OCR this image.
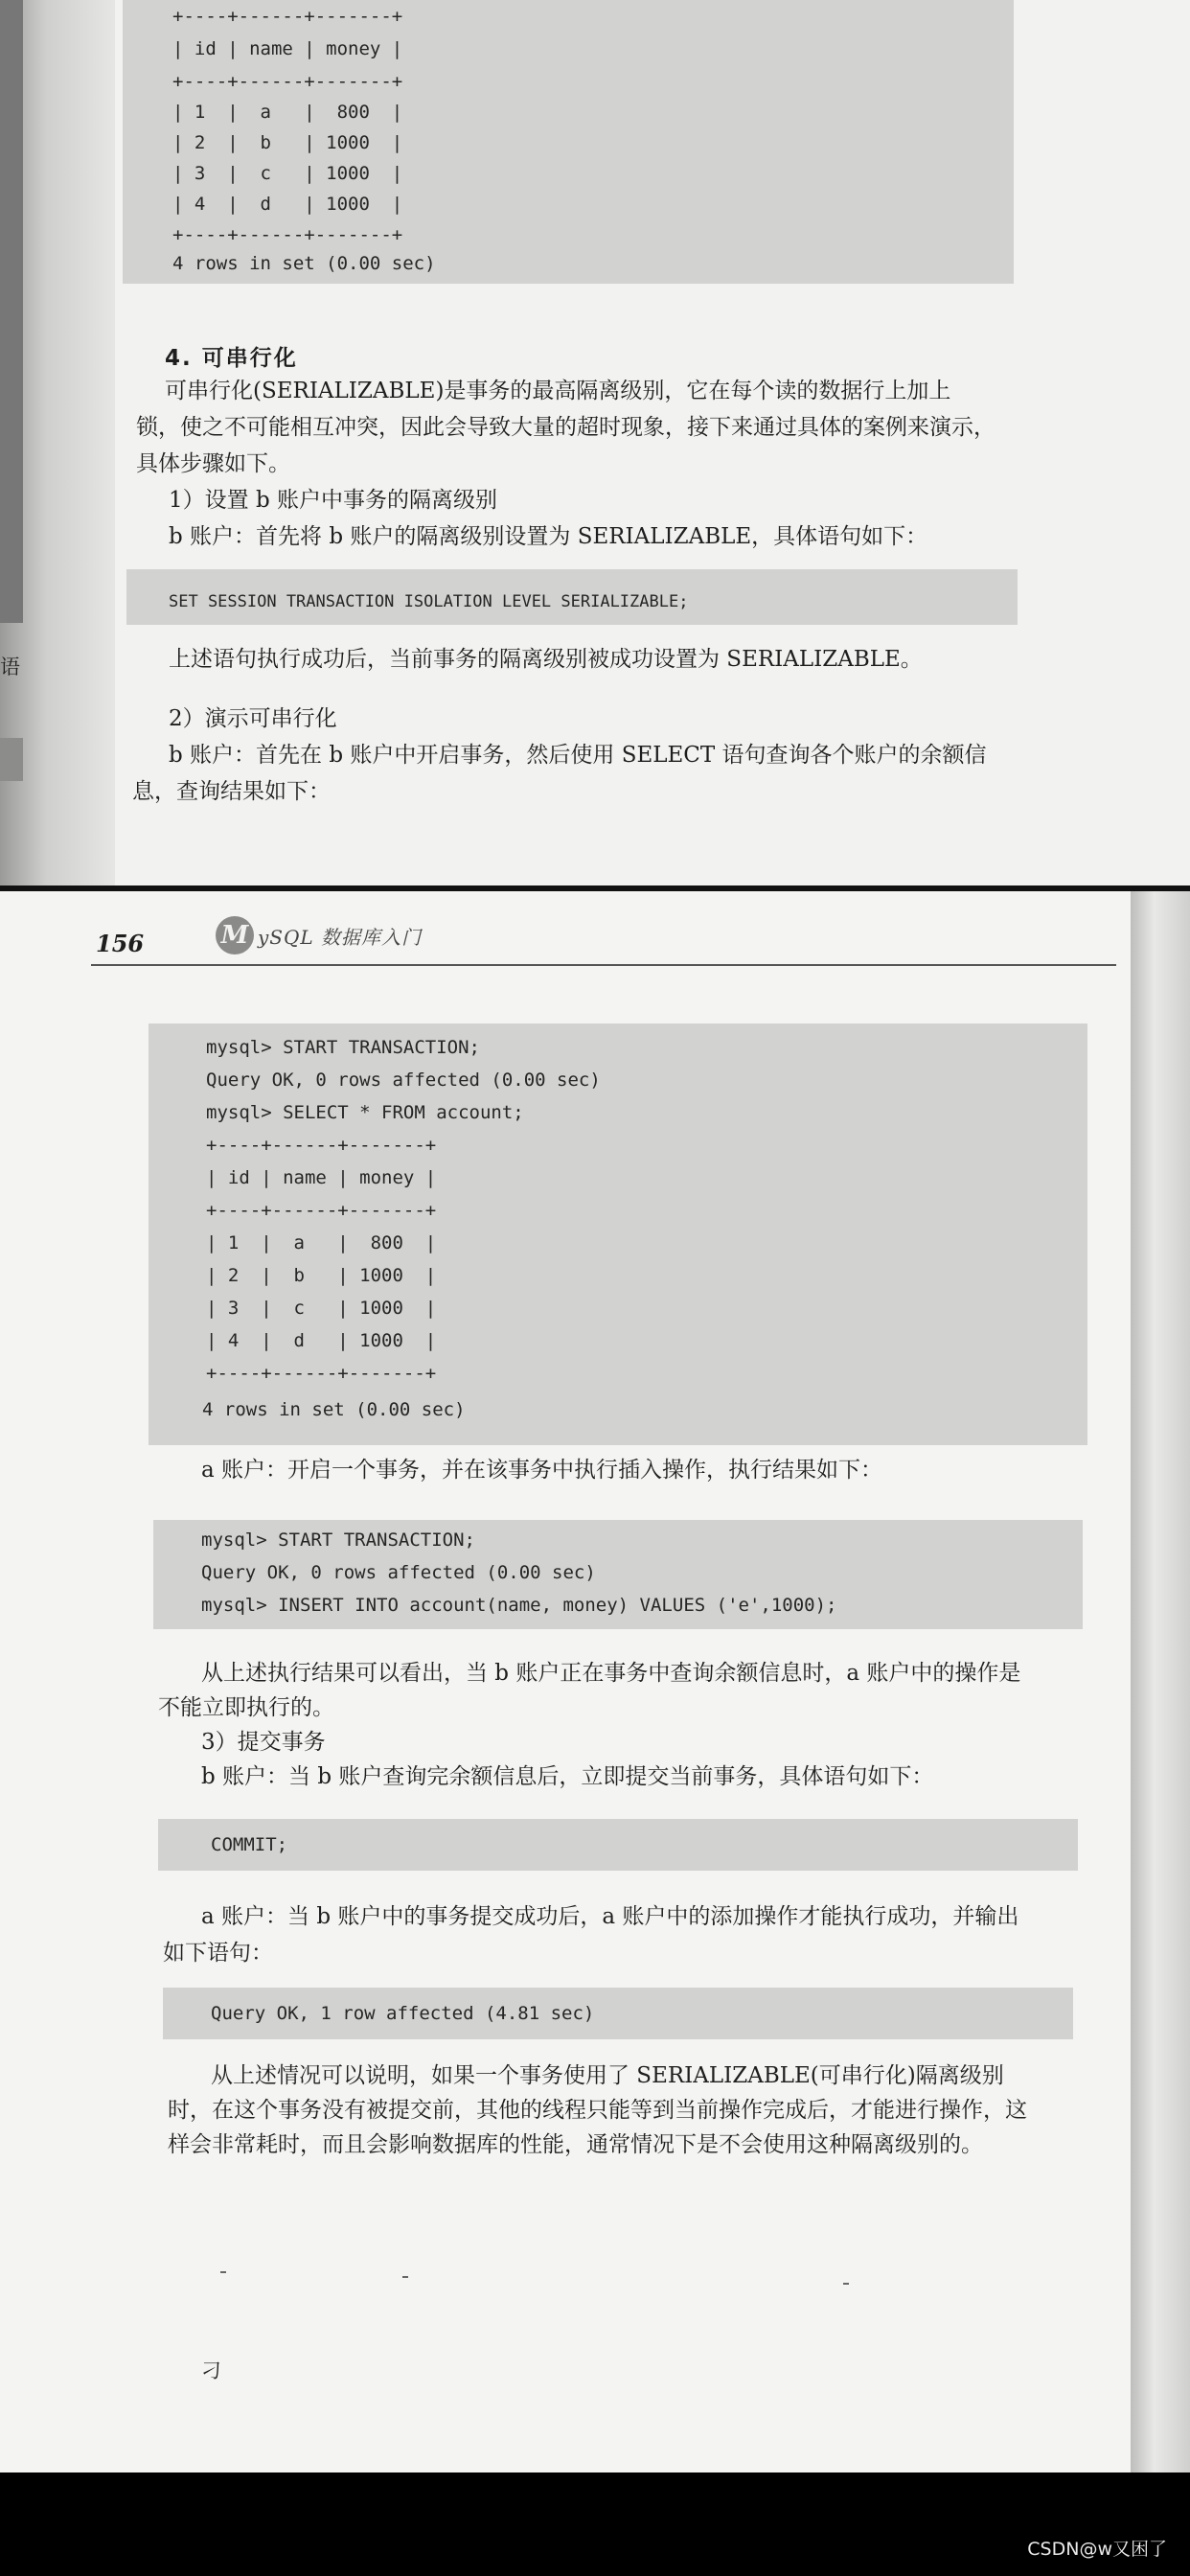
语
+----+------+-------+
| id | name | money |
+----+------+-------+
| 1  |  a   |  800  |
| 2  |  b   | 1000  |
| 3  |  c   | 1000  |
| 4  |  d   | 1000  |
+----+------+-------+
4 rows in set (0.00 sec)
4. 可串行化
可串行化(SERIALIZABLE)是事务的最高隔离级别，它在每个读的数据行上加上
锁，使之不可能相互冲突，因此会导致大量的超时现象，接下来通过具体的案例来演示，
具体步骤如下。
1）设置 b 账户中事务的隔离级别
b 账户：首先将 b 账户的隔离级别设置为 SERIALIZABLE，具体语句如下：
SET SESSION TRANSACTION ISOLATION LEVEL SERIALIZABLE;
上述语句执行成功后，当前事务的隔离级别被成功设置为 SERIALIZABLE。
2）演示可串行化
b 账户：首先在 b 账户中开启事务，然后使用 SELECT 语句查询各个账户的余额信
息，查询结果如下：
156	M ySQL 数据库入门
mysql> START TRANSACTION;
Query OK, 0 rows affected (0.00 sec)
mysql> SELECT * FROM account;
+----+------+-------+
| id | name | money |
+----+------+-------+
| 1  |  a   |  800  |
| 2  |  b   | 1000  |
| 3  |  c   | 1000  |
| 4  |  d   | 1000  |
+----+------+-------+
4 rows in set (0.00 sec)
a 账户：开启一个事务，并在该事务中执行插入操作，执行结果如下：
mysql> START TRANSACTION;
Query OK, 0 rows affected (0.00 sec)
mysql> INSERT INTO account(name, money) VALUES ('e',1000);
从上述执行结果可以看出，当 b 账户正在事务中查询余额信息时，a 账户中的操作是
不能立即执行的。
3）提交事务
b 账户：当 b 账户查询完余额信息后，立即提交当前事务，具体语句如下：
COMMIT;
a 账户：当 b 账户中的事务提交成功后，a 账户中的添加操作才能执行成功，并输出
如下语句：
Query OK, 1 row affected (4.81 sec)
从上述情况可以说明，如果一个事务使用了 SERIALIZABLE(可串行化)隔离级别
时，在这个事务没有被提交前，其他的线程只能等到当前操作完成后，才能进行操作，这
样会非常耗时，而且会影响数据库的性能，通常情况下是不会使用这种隔离级别的。
刁
CSDN@w又困了
